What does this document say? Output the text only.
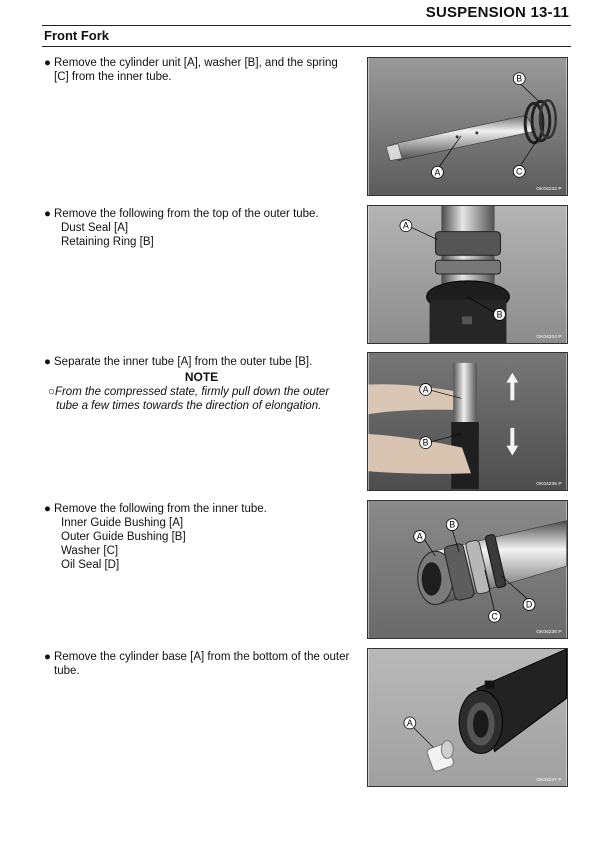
SUSPENSION 13-11
Front Fork
● Remove the cylinder unit [A], washer [B], and the spring
[C] from the inner tube.
A
B
C
GK04232 P
● Remove the following from the top of the outer tube.
Dust Seal [A]
Retaining Ring [B]
A
B
GK04234 P
● Separate the inner tube [A] from the outer tube [B].
NOTE
○From the compressed state, firmly pull down the outer
tube a few times towards the direction of elongation.
A
B
GK04235 P
● Remove the following from the inner tube.
Inner Guide Bushing [A]
Outer Guide Bushing [B]
Washer [C]
Oil Seal [D]
A
B
C
D
GK04236 P
● Remove the cylinder base [A] from the bottom of the outer
tube.
A
GK04237 P
